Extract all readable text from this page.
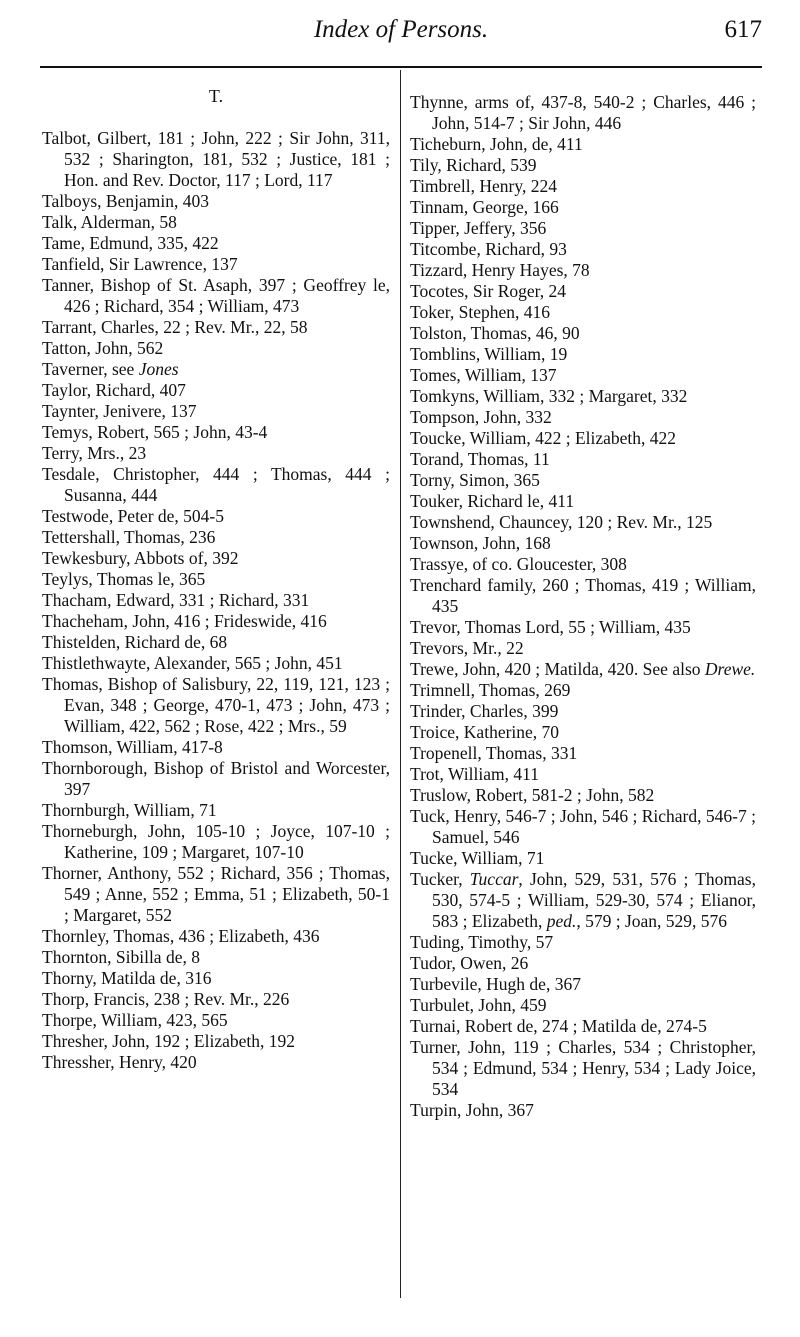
Index of Persons.	617
T.

Talbot, Gilbert, 181 ; John, 222 ; Sir John, 311, 532 ; Sharington, 181, 532 ; Justice, 181 ; Hon. and Rev. Doctor, 117 ; Lord, 117

Talboys, Benjamin, 403

Talk, Alderman, 58

Tame, Edmund, 335, 422

Tanfield, Sir Lawrence, 137

Tanner, Bishop of St. Asaph, 397 ; Geoffrey le, 426 ; Richard, 354 ; William, 473

Tarrant, Charles, 22 ; Rev. Mr., 22, 58

Tatton, John, 562

Taverner, see Jones

Taylor, Richard, 407

Taynter, Jenivere, 137

Temys, Robert, 565 ; John, 43-4

Terry, Mrs., 23

Tesdale, Christopher, 444 ; Thomas, 444 ; Susanna, 444

Testwode, Peter de, 504-5

Tettershall, Thomas, 236

Tewkesbury, Abbots of, 392

Teylys, Thomas le, 365

Thacham, Edward, 331 ; Richard, 331

Thacheham, John, 416 ; Frideswide, 416

Thistelden, Richard de, 68

Thistlethwayte, Alexander, 565 ; John, 451

Thomas, Bishop of Salisbury, 22, 119, 121, 123 ; Evan, 348 ; George, 470-1, 473 ; John, 473 ; William, 422, 562 ; Rose, 422 ; Mrs., 59

Thomson, William, 417-8

Thornborough, Bishop of Bristol and Worcester, 397

Thornburgh, William, 71

Thorneburgh, John, 105-10 ; Joyce, 107-10 ; Katherine, 109 ; Margaret, 107-10

Thorner, Anthony, 552 ; Richard, 356 ; Thomas, 549 ; Anne, 552 ; Emma, 51 ; Elizabeth, 50-1 ; Margaret, 552

Thornley, Thomas, 436 ; Elizabeth, 436

Thornton, Sibilla de, 8

Thorny, Matilda de, 316

Thorp, Francis, 238 ; Rev. Mr., 226

Thorpe, William, 423, 565

Thresher, John, 192 ; Elizabeth, 192

Thressher, Henry, 420

Thynne, arms of, 437-8, 540-2 ; Charles, 446 ; John, 514-7 ; Sir John, 446

Ticheburn, John, de, 411

Tily, Richard, 539

Timbrell, Henry, 224

Tinnam, George, 166

Tipper, Jeffery, 356

Titcombe, Richard, 93

Tizzard, Henry Hayes, 78

Tocotes, Sir Roger, 24

Toker, Stephen, 416

Tolston, Thomas, 46, 90

Tomblins, William, 19

Tomes, William, 137

Tomkyns, William, 332 ; Margaret, 332

Tompson, John, 332

Toucke, William, 422 ; Elizabeth, 422

Torand, Thomas, 11

Torny, Simon, 365

Touker, Richard le, 411

Townshend, Chauncey, 120 ; Rev. Mr., 125

Townson, John, 168

Trassye, of co. Gloucester, 308

Trenchard family, 260 ; Thomas, 419 ; William, 435

Trevor, Thomas Lord, 55 ; William, 435

Trevors, Mr., 22

Trewe, John, 420 ; Matilda, 420. See also Drewe.

Trimnell, Thomas, 269

Trinder, Charles, 399

Troice, Katherine, 70

Tropenell, Thomas, 331

Trot, William, 411

Truslow, Robert, 581-2 ; John, 582

Tuck, Henry, 546-7 ; John, 546 ; Richard, 546-7 ; Samuel, 546

Tucke, William, 71

Tucker, Tuccar, John, 529, 531, 576 ; Thomas, 530, 574-5 ; William, 529-30, 574 ; Elianor, 583 ; Elizabeth, ped., 579 ; Joan, 529, 576

Tuding, Timothy, 57

Tudor, Owen, 26

Turbevile, Hugh de, 367

Turbulet, John, 459

Turnai, Robert de, 274 ; Matilda de, 274-5

Turner, John, 119 ; Charles, 534 ; Christopher, 534 ; Edmund, 534 ; Henry, 534 ; Lady Joice, 534

Turpin, John, 367
